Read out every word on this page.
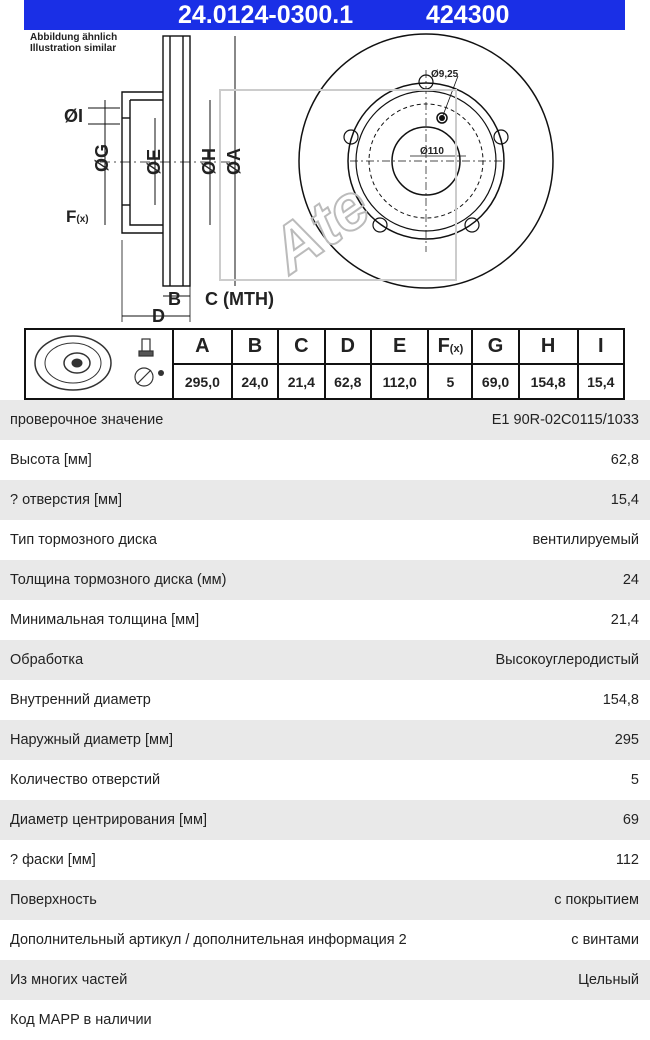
24.0124-0300.1	424300
Abbildung ähnlich
Illustration similar
ØI
ØG ØE ØH ØA
F(x)
B C (MTH)
D
Ate
Ø9,25
Ø110
	A	B	C	D	E	F(x)	G	H	I
	295,0	24,0	21,4	62,8	112,0	5	69,0	154,8	15,4
проверочное значение	E1 90R-02C0115/1033
Высота [мм]	62,8
? отверстия [мм]	15,4
Тип тормозного диска	вентилируемый
Толщина тормозного диска (мм)	24
Минимальная толщина [мм]	21,4
Обработка	Высокоуглеродистый
Внутренний диаметр	154,8
Наружный диаметр [мм]	295
Количество отверстий	5
Диаметр центрирования [мм]	69
? фаски [мм]	112
Поверхность	с покрытием
Дополнительный артикул / дополнительная информация 2	с винтами
Из многих частей	Цельный
Код MAPP в наличии
